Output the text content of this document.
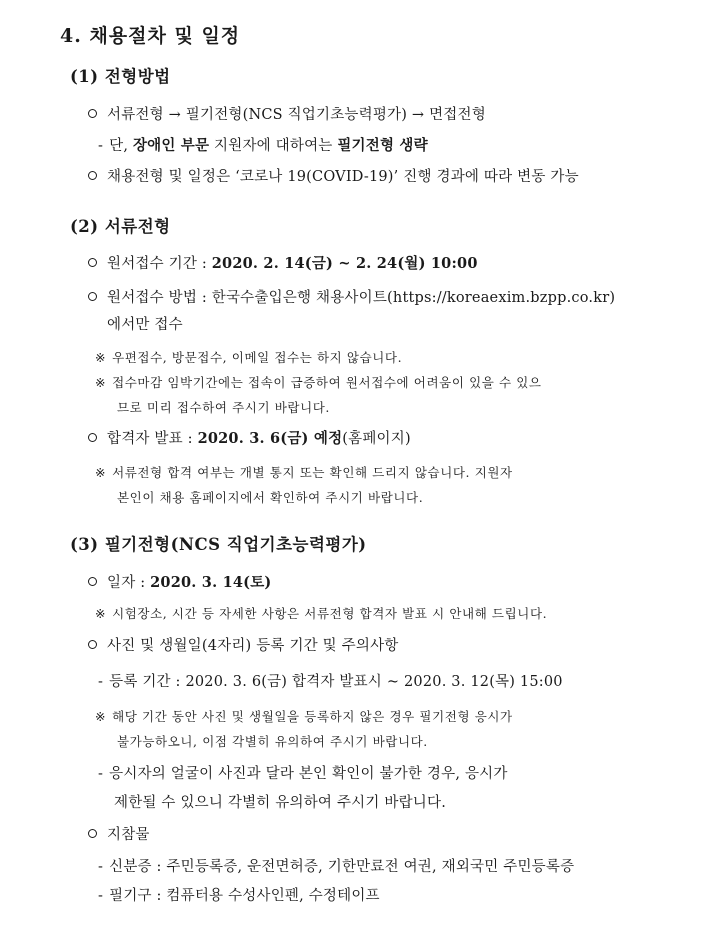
4. 채용절차 및 일정
(1) 전형방법
서류전형 → 필기전형(NCS 직업기초능력평가) → 면접전형
- 단, 장애인 부문 지원자에 대하여는 필기전형 생략
채용전형 및 일정은 ‘코로나 19(COVID-19)’ 진행 경과에 따라 변동 가능
(2) 서류전형
원서접수 기간 : 2020. 2. 14(금) ~ 2. 24(월) 10:00
원서접수 방법 : 한국수출입은행 채용사이트(https://koreaexim.bzpp.co.kr)
에서만 접수
※ 우편접수, 방문접수, 이메일 접수는 하지 않습니다.
※ 접수마감 임박기간에는 접속이 급증하여 원서접수에 어려움이 있을 수 있으
므로 미리 접수하여 주시기 바랍니다.
합격자 발표 : 2020. 3. 6(금) 예정(홈페이지)
※ 서류전형 합격 여부는 개별 통지 또는 확인해 드리지 않습니다. 지원자
본인이 채용 홈페이지에서 확인하여 주시기 바랍니다.
(3) 필기전형(NCS 직업기초능력평가)
일자 : 2020. 3. 14(토)
※ 시험장소, 시간 등 자세한 사항은 서류전형 합격자 발표 시 안내해 드립니다.
사진 및 생월일(4자리) 등록 기간 및 주의사항
- 등록 기간 : 2020. 3. 6(금) 합격자 발표시 ~ 2020. 3. 12(목) 15:00
※ 해당 기간 동안 사진 및 생월일을 등록하지 않은 경우 필기전형 응시가
불가능하오니, 이점 각별히 유의하여 주시기 바랍니다.
- 응시자의 얼굴이 사진과 달라 본인 확인이 불가한 경우, 응시가
제한될 수 있으니 각별히 유의하여 주시기 바랍니다.
지참물
- 신분증 : 주민등록증, 운전면허증, 기한만료전 여권, 재외국민 주민등록증
- 필기구 : 컴퓨터용 수성사인펜, 수정테이프
